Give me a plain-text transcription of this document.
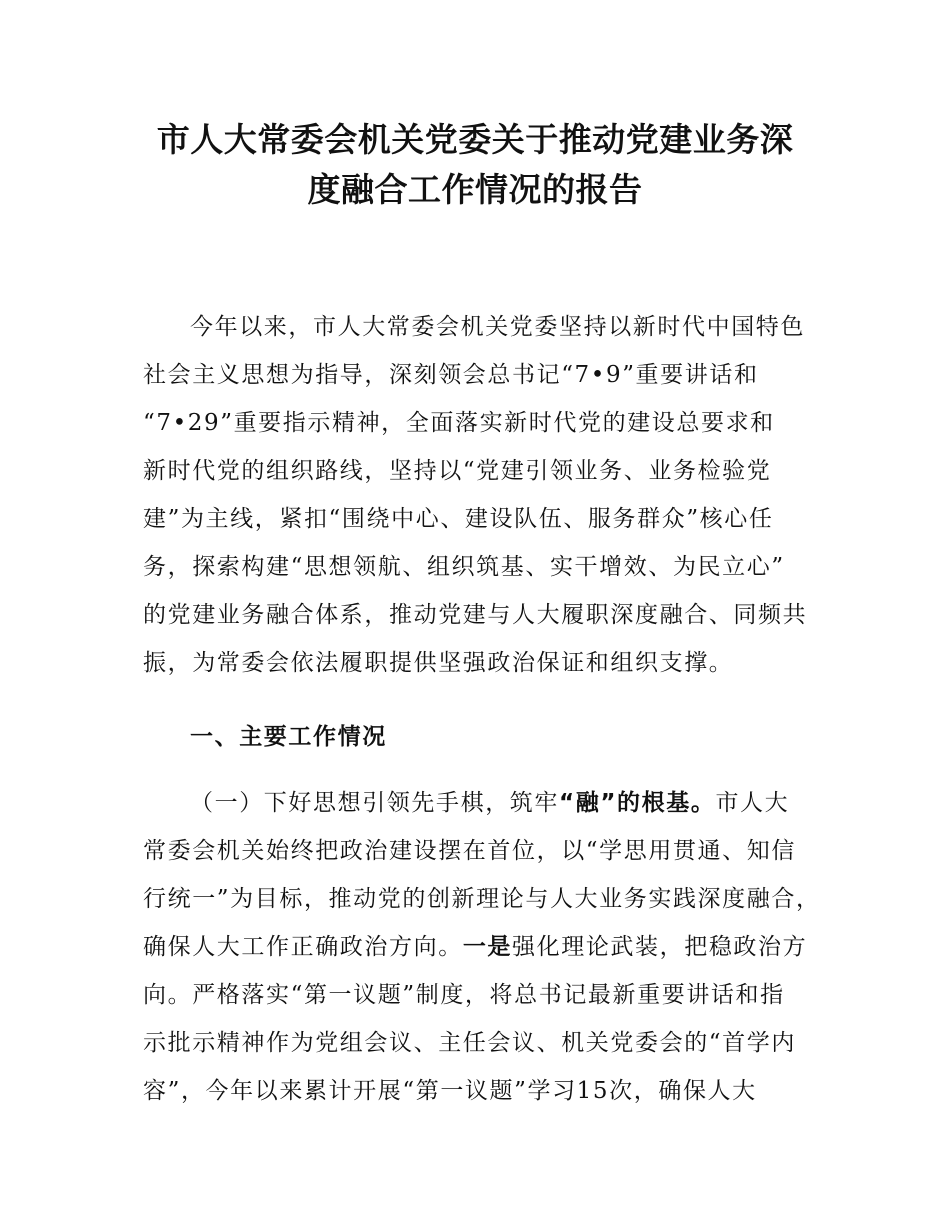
市人大常委会机关党委关于推动党建业务深
度融合工作情况的报告
今年以来，市人大常委会机关党委坚持以新时代中国特色
社会主义思想为指导，深刻领会总书记“7•9”重要讲话和
“7•29”重要指示精神，全面落实新时代党的建设总要求和
新时代党的组织路线，坚持以“党建引领业务、业务检验党
建”为主线，紧扣“围绕中心、建设队伍、服务群众”核心任
务，探索构建“思想领航、组织筑基、实干增效、为民立心”
的党建业务融合体系，推动党建与人大履职深度融合、同频共
振，为常委会依法履职提供坚强政治保证和组织支撑。
一、主要工作情况
（一）下好思想引领先手棋，筑牢“融”的根基。市人大
常委会机关始终把政治建设摆在首位，以“学思用贯通、知信
行统一”为目标，推动党的创新理论与人大业务实践深度融合，
确保人大工作正确政治方向。一是强化理论武装，把稳政治方
向。严格落实“第一议题”制度，将总书记最新重要讲话和指
示批示精神作为党组会议、主任会议、机关党委会的“首学内
容”，今年以来累计开展“第一议题”学习15次，确保人大
